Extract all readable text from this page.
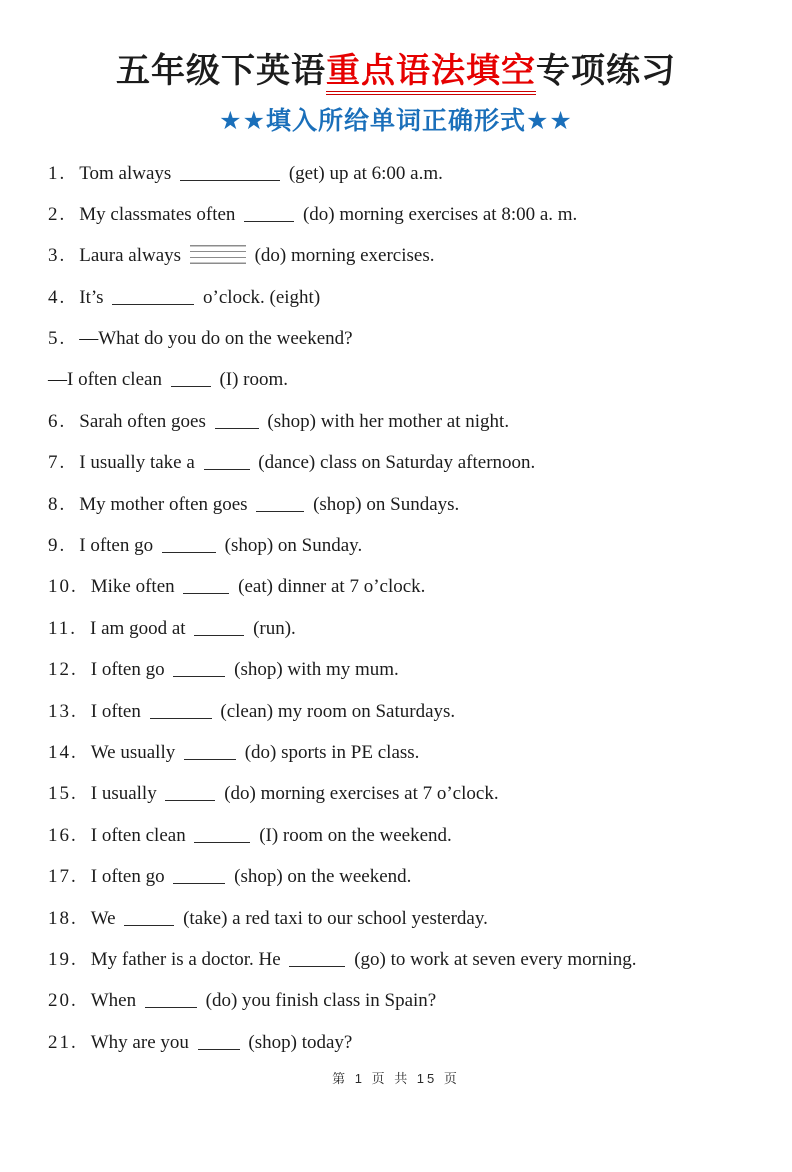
五年级下英语重点语法填空专项练习
★★填入所给单词正确形式★★
1. Tom always	(get) up at 6:00 a.m.
2. My classmates often	(do) morning exercises at 8:00 a. m.
3. Laura always	(do) morning exercises.
4. It’s	o’clock. (eight)
5. —What do you do on the weekend?
—I often clean	(I) room.
6. Sarah often goes	(shop) with her mother at night.
7. I usually take a	(dance) class on Saturday afternoon.
8. My mother often goes	(shop) on Sundays.
9. I often go	(shop) on Sunday.
10. Mike often	(eat) dinner at 7 o’clock.
11. I am good at	(run).
12. I often go	(shop) with my mum.
13. I often	(clean) my room on Saturdays.
14. We usually	(do) sports in PE class.
15. I usually	(do) morning exercises at 7 o’clock.
16. I often clean	(I) room on the weekend.
17. I often go	(shop) on the weekend.
18. We	(take) a red taxi to our school yesterday.
19. My father is a doctor. He	(go) to work at seven every morning.
20. When	(do) you finish class in Spain?
21. Why are you	(shop) today?
第 1 页 共 15 页
